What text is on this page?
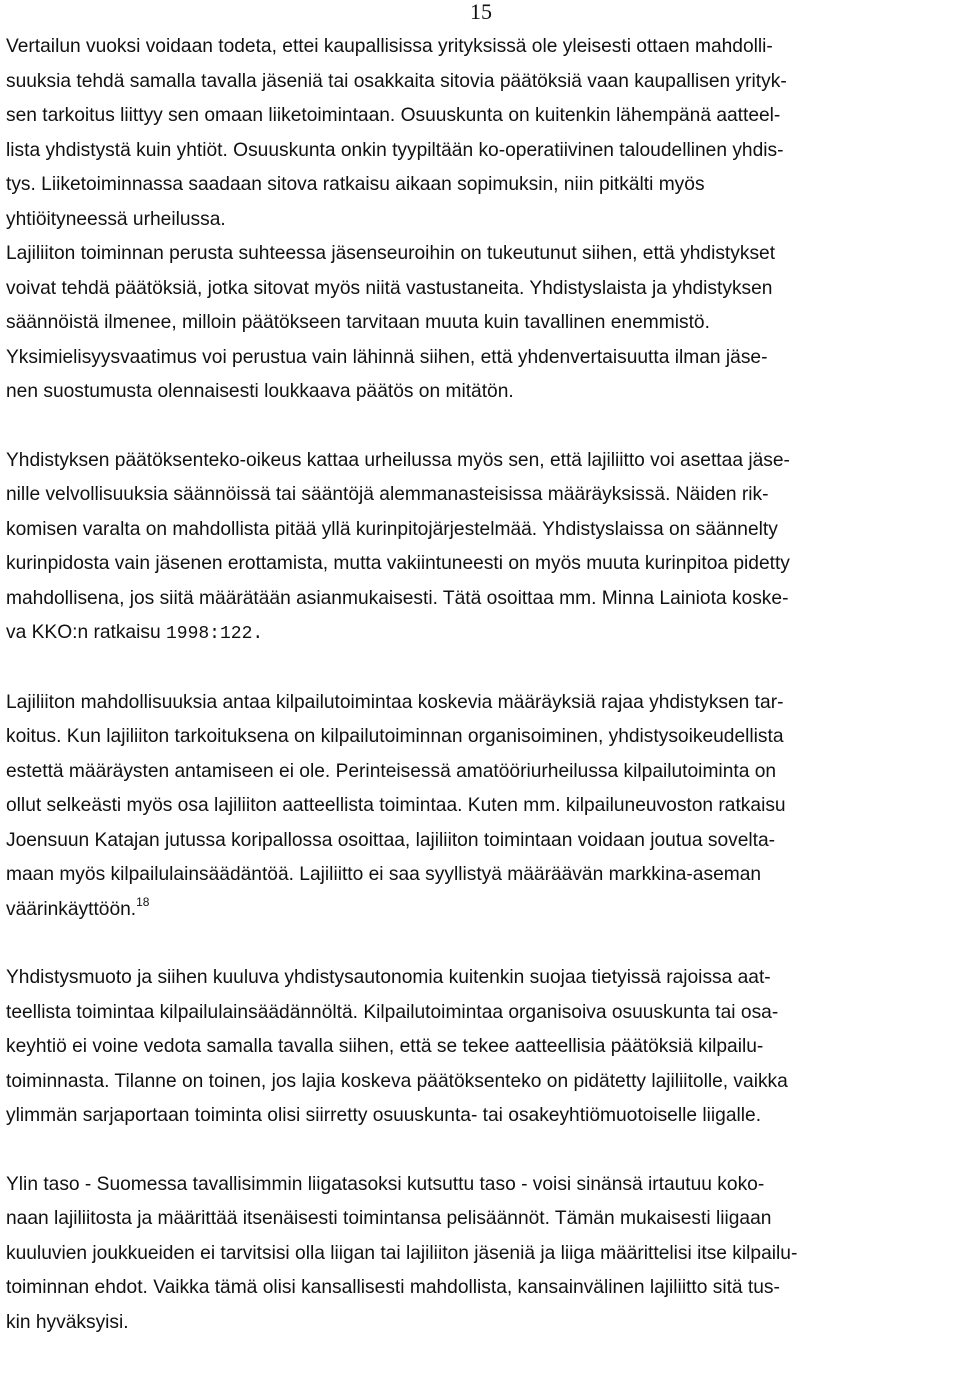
15

Vertailun vuoksi voidaan todeta, ettei kaupallisissa yrityksissä ole yleisesti ottaen mahdolli-
suuksia tehdä samalla tavalla jäseniä tai osakkaita sitovia päätöksiä vaan kaupallisen yrityk-
sen tarkoitus liittyy sen omaan liiketoimintaan. Osuuskunta on kuitenkin lähempänä aatteel-
lista yhdistystä kuin yhtiöt. Osuuskunta onkin tyypiltään ko-operatiivinen taloudellinen yhdis-
tys. Liiketoiminnassa saadaan sitova ratkaisu aikaan sopimuksin, niin pitkälti myös
yhtiöityneessä urheilussa.
Lajiliiton toiminnan perusta suhteessa jäsenseuroihin on tukeutunut siihen, että yhdistykset
voivat tehdä päätöksiä, jotka sitovat myös niitä vastustaneita. Yhdistyslaista ja yhdistyksen
säännöistä ilmenee, milloin päätökseen tarvitaan muuta kuin tavallinen enemmistö.
Yksimielisyysvaatimus voi perustua vain lähinnä siihen, että yhdenvertaisuutta ilman jäse-
nen suostumusta olennaisesti loukkaava päätös on mitätön.

Yhdistyksen päätöksenteko-oikeus kattaa urheilussa myös sen, että lajiliitto voi asettaa jäse-
nille velvollisuuksia säännöissä tai sääntöjä alemmanasteisissa määräyksissä. Näiden rik-
komisen varalta on mahdollista pitää yllä kurinpitojärjestelmää. Yhdistyslaissa on säännelty
kurinpidosta vain jäsenen erottamista, mutta vakiintuneesti on myös muuta kurinpitoa pidetty
mahdollisena, jos siitä määrätään asianmukaisesti. Tätä osoittaa mm. Minna Lainiota koske-
va KKO:n ratkaisu 1998:122.

Lajiliiton mahdollisuuksia antaa kilpailutoimintaa koskevia määräyksiä rajaa yhdistyksen tar-
koitus. Kun lajiliiton tarkoituksena on kilpailutoiminnan organisoiminen, yhdistysoikeudellista
estettä määräysten antamiseen ei ole. Perinteisessä amatööriurheilussa kilpailutoiminta on
ollut selkeästi myös osa lajiliiton aatteellista toimintaa. Kuten mm. kilpailuneuvoston ratkaisu
Joensuun Katajan jutussa koripallossa osoittaa, lajiliiton toimintaan voidaan joutua soveltа-
maan myös kilpailulainsäädäntöä. Lajiliitto ei saa syyllistyä määräävän markkina-aseman
väärinkäyttöön.$^{18}$

Yhdistysmuoto ja siihen kuuluva yhdistysautonomia kuitenkin suojaa tietyissä rajoissa aat-
teellista toimintaa kilpailulainsäädännöltä. Kilpailutoimintaa organisoiva osuuskunta tai osa-
keyhtiö ei voine vedota samalla tavalla siihen, että se tekee aatteellisia päätöksiä kilpailu-
toiminnasta. Tilanne on toinen, jos lajia koskeva päätöksenteko on pidätetty lajiliitolle, vaikka
ylimmän sarjaportaan toiminta olisi siirretty osuuskunta- tai osakeyhtiömuotoiselle liigalle.

Ylin taso - Suomessa tavallisimmin liigatasoksi kutsuttu taso - voisi sinänsä irtautuu koko-
naan lajiliitosta ja määrittää itsenäisesti toimintansa pelisäännöt. Tämän mukaisesti liigaan
kuuluvien joukkueiden ei tarvitsisi olla liigan tai lajiliiton jäseniä ja liiga määrittelisi itse kilpailu-
toiminnan ehdot. Vaikka tämä olisi kansallisesti mahdollista, kansainvälinen lajiliitto sitä tus-
kin hyväksyisi.
